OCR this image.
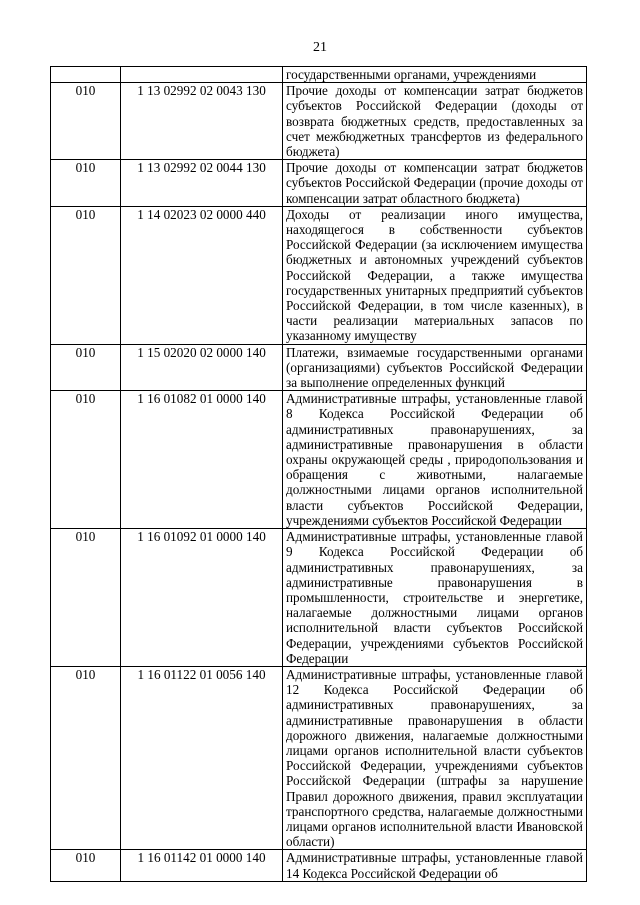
21
		государственными органами, учреждениями
010	1 13 02992 02 0043 130	Прочие доходы от компенсации затрат бюджетов субъектов Российской Федерации (доходы от возврата бюджетных средств, предоставленных за счет межбюджетных трансфертов из федерального бюджета)
010	1 13 02992 02 0044 130	Прочие доходы от компенсации затрат бюджетов субъектов Российской Федерации (прочие доходы от компенсации затрат областного бюджета)
010	1 14 02023 02 0000 440	Доходы от реализации иного имущества, находящегося в собственности субъектов Российской Федерации (за исключением имущества бюджетных и автономных учреждений субъектов Российской Федерации, а также имущества государственных унитарных предприятий субъектов Российской Федерации, в том числе казенных), в части реализации материальных запасов по указанному имуществу
010	1 15 02020 02 0000 140	Платежи, взимаемые государственными органами (организациями) субъектов Российской Федерации за выполнение определенных функций
010	1 16 01082 01 0000 140	Административные штрафы, установленные главой 8 Кодекса Российской Федерации об административных правонарушениях, за административные правонарушения в области охраны окружающей среды , природопользования и обращения с животными, налагаемые должностными лицами органов исполнительной власти субъектов Российской Федерации, учреждениями субъектов Российской Федерации
010	1 16 01092 01 0000 140	Административные штрафы, установленные главой 9 Кодекса Российской Федерации об административных правонарушениях, за административные правонарушения в промышленности, строительстве и энергетике, налагаемые должностными лицами органов исполнительной власти субъектов Российской Федерации, учреждениями субъектов Российской Федерации
010	1 16 01122 01 0056 140	Административные штрафы, установленные главой 12 Кодекса Российской Федерации об административных правонарушениях, за административные правонарушения в области дорожного движения, налагаемые должностными лицами органов исполнительной власти субъектов Российской Федерации, учреждениями субъектов Российской Федерации (штрафы за нарушение Правил дорожного движения, правил эксплуатации транспортного средства, налагаемые должностными лицами органов исполнительной власти Ивановской области)
010	1 16 01142 01 0000 140	Административные штрафы, установленные главой 14 Кодекса Российской Федерации об
